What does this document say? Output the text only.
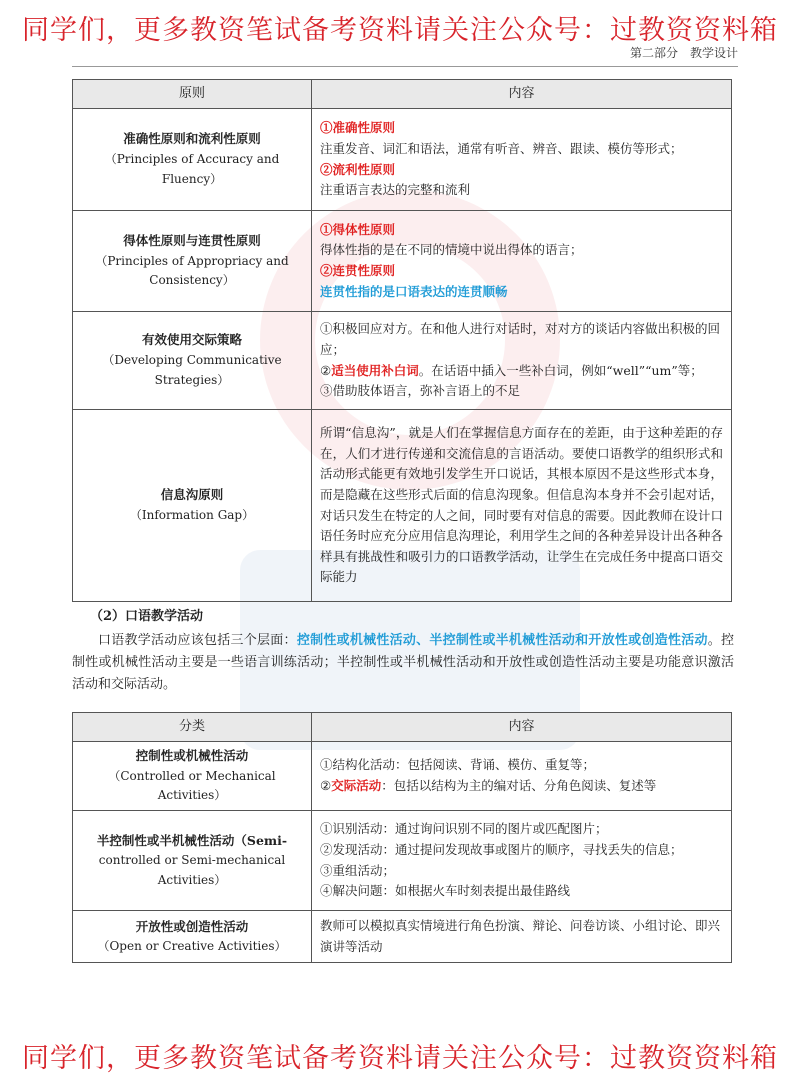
同学们，更多教资笔试备考资料请关注公众号：过教资资料箱
第二部分　教学设计
原则	内容

准确性原则和流利性原则
（Principles of Accuracy and Fluency）	①准确性原则
注重发音、词汇和语法，通常有听音、辨音、跟读、模仿等形式；
②流利性原则
注重语言表达的完整和流利

得体性原则与连贯性原则
（Principles of Appropriacy and Consistency）	①得体性原则
得体性指的是在不同的情境中说出得体的语言；
②连贯性原则
连贯性指的是口语表达的连贯顺畅

有效使用交际策略
（Developing Communicative Strategies）	①积极回应对方。在和他人进行对话时，对对方的谈话内容做出积极的回应；
②适当使用补白词。在话语中插入一些补白词，例如“well”“um”等；
③借助肢体语言，弥补言语上的不足

信息沟原则
（Information Gap）	所谓“信息沟”，就是人们在掌握信息方面存在的差距，由于这种差距的存在，人们才进行传递和交流信息的言语活动。要使口语教学的组织形式和活动形式能更有效地引发学生开口说话，其根本原因不是这些形式本身，而是隐藏在这些形式后面的信息沟现象。但信息沟本身并不会引起对话，对话只发生在特定的人之间，同时要有对信息的需要。因此教师在设计口语任务时应充分应用信息沟理论，利用学生之间的各种差异设计出各种各样具有挑战性和吸引力的口语教学活动，让学生在完成任务中提高口语交际能力
（2）口语教学活动
口语教学活动应该包括三个层面：控制性或机械性活动、半控制性或半机械性活动和开放性或创造性活动。控制性或机械性活动主要是一些语言训练活动；半控制性或半机械性活动和开放性或创造性活动主要是功能意识激活活动和交际活动。
分类	内容

控制性或机械性活动
（Controlled or Mechanical Activities）	①结构化活动：包括阅读、背诵、模仿、重复等；
②交际活动：包括以结构为主的编对话、分角色阅读、复述等

半控制性或半机械性活动（Semi-
controlled or Semi-mechanical Activities）	①识别活动：通过询问识别不同的图片或匹配图片；
②发现活动：通过提问发现故事或图片的顺序，寻找丢失的信息；
③重组活动；
④解决问题：如根据火车时刻表提出最佳路线

开放性或创造性活动
（Open or Creative Activities）	教师可以模拟真实情境进行角色扮演、辩论、问卷访谈、小组讨论、即兴演讲等活动
同学们，更多教资笔试备考资料请关注公众号：过教资资料箱
